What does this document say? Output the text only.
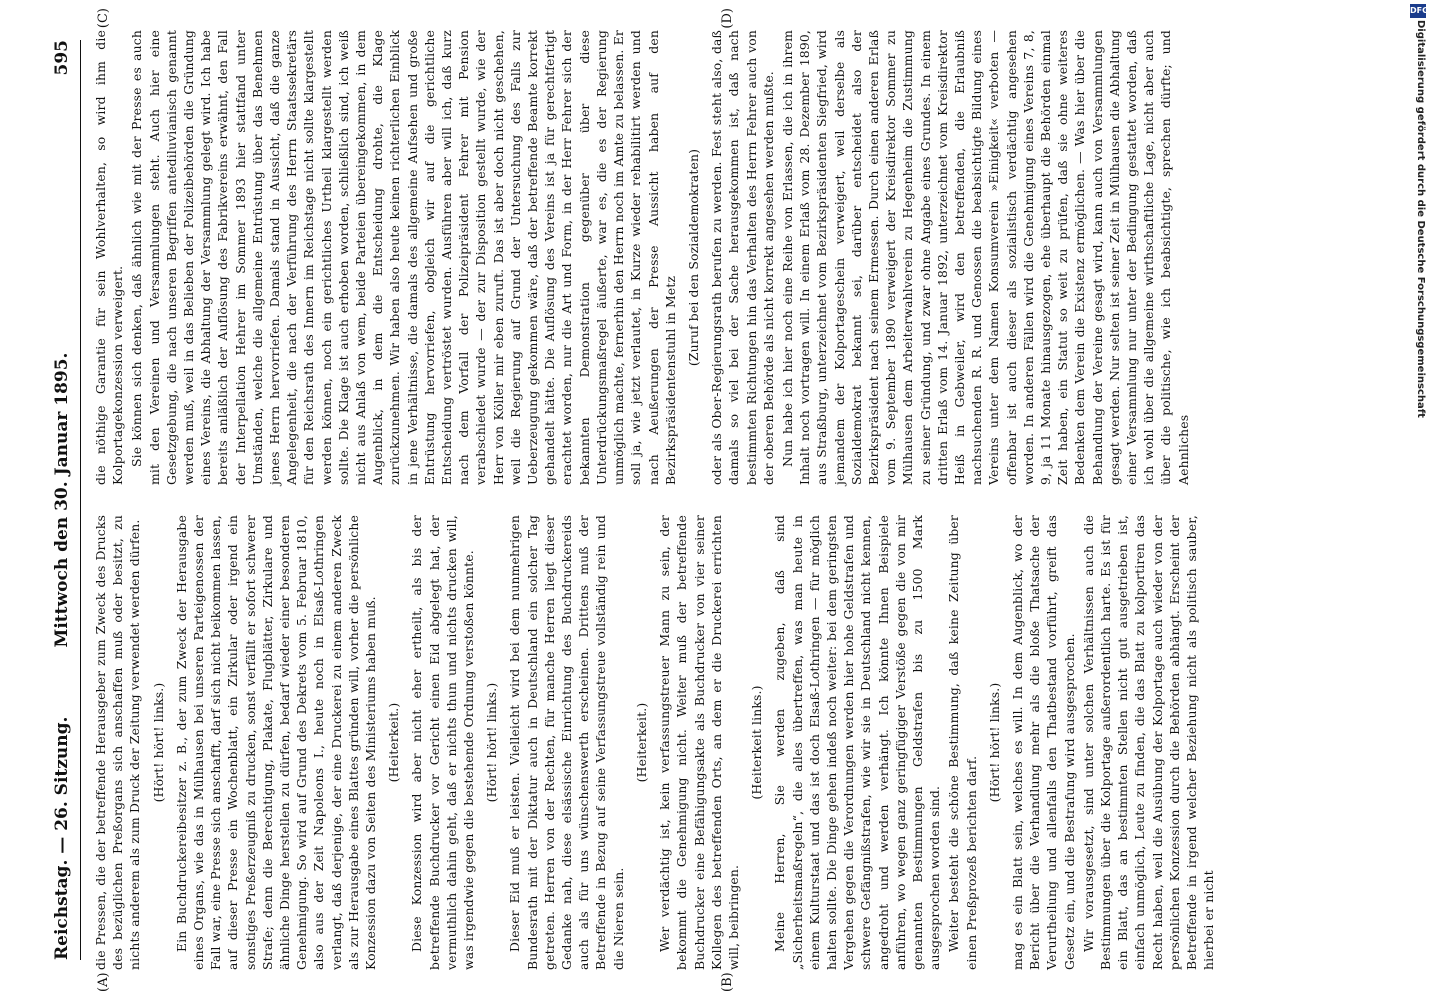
Reichstag. — 26. Sitzung.
Mittwoch den 30. Januar 1895.
595
(A)	(B)
(C)	(D)

die Pressen, die der betreffende Herausgeber zum Zweck des Drucks des bezüglichen Preßorgans sich anschaffen muß oder besitzt, zu nichts anderem als zum Druck der Zeitung verwendet werden dürfen. (Hört! hört! links.) Ein Buchdruckereibesitzer z. B., der zum Zweck der Herausgabe eines Organs, wie das in Mülhausen bei unseren Parteigenossen der Fall war, eine Presse sich anschafft, darf sich nicht beikommen lassen, auf dieser Presse ein Wochenblatt, ein Zirkular oder irgend ein sonstiges Preßerzeugniß zu drucken, sonst verfällt er sofort schwerer Strafe; denn die Berechtigung, Plakate, Flugblätter, Zirkulare und ähnliche Dinge herstellen zu dürfen, bedarf wieder einer besonderen Genehmigung. So wird auf Grund des Dekrets vom 5. Februar 1810, also aus der Zeit Napoleons I., heute noch in Elsaß-Lothringen verlangt, daß derjenige, der eine Druckerei zu einem anderen Zweck als zur Herausgabe eines Blattes gründen will, vorher die persönliche Konzession dazu von Seiten des Ministeriums haben muß. (Heiterkeit.) Diese Konzession wird aber nicht eher ertheilt, als bis der betreffende Buchdrucker vor Gericht einen Eid abgelegt hat, der vermuthlich dahin geht, daß er nichts thun und nichts drucken will, was irgendwie gegen die bestehende Ordnung verstoßen könnte. (Hört! hört! links.) Dieser Eid muß er leisten. Vielleicht wird bei dem nunmehrigen Bundesrath mit der Diktatur auch in Deutschland ein solcher Tag getreten. Herren von der Rechten, für manche Herren liegt dieser Gedanke nah, diese elsässische Einrichtung des Buchdruckereids auch als für uns wünschenswerth erscheinen. Drittens muß der Betreffende in Bezug auf seine Verfassungstreue vollständig rein und die Nieren sein.

(Heiterkeit.) Wer verdächtig ist, kein verfassungstreuer Mann zu sein, der bekommt die Genehmigung nicht. Weiter muß der betreffende Buchdrucker eine Befähigungsakte als Buchdrucker von vier seiner Kollegen des betreffenden Orts, an dem er die Druckerei errichten will, beibringen.

(Heiterkeit links.) Meine Herren, Sie werden zugeben, daß sind „Sicherheitsmaßregeln“, die alles übertreffen, was man heute in einem Kulturstaat und das ist doch Elsaß-Lothringen — für möglich halten sollte. Die Dinge gehen indeß noch weiter: bei dem geringsten Vergehen gegen die Verordnungen werden hier hohe Geldstrafen und schwere Gefängnißstrafen, wie wir sie in Deutschland nicht kennen, angedroht und werden verhängt. Ich könnte Ihnen Beispiele anführen, wo wegen ganz geringfügiger Verstöße gegen die von mir genannten Bestimmungen Geldstrafen bis zu 1500 Mark ausgesprochen worden sind. Weiter besteht die schöne Bestimmung, daß keine Zeitung über einen Preßprozeß berichten darf.

(Hört! hört! links.) mag es ein Blatt sein, welches es will. In dem Augenblick, wo der Bericht über die Verhandlung mehr als die bloße Thatsache der Verurtheilung und allenfalls den Thatbestand vorführt, greift das Gesetz ein, und die Bestrafung wird ausgesprochen. Wir vorausgesetzt, sind unter solchen Verhältnissen auch die Bestimmungen über die Kolportage außerordentlich harte. Es ist für ein Blatt, das an bestimmten Stellen nicht gut ausgetrieben ist, einfach unmöglich, Leute zu finden, die das Blatt zu kolportiren das Recht haben, weil die Ausübung der Kolportage auch wieder von der persönlichen Konzession durch die Behörden abhängt. Erscheint der Betreffende in irgend welcher Beziehung nicht als politisch sauber, hierbei er nicht

die nöthige Garantie für sein Wohlverhalten, so wird ihm die Kolportagekonzession verweigert. Sie können sich denken, daß ähnlich wie mit der Presse es auch mit den Vereinen und Versammlungen steht. Auch hier eine Gesetzgebung, die nach unseren Begriffen antediluvianisch genannt werden muß, weil in das Belieben der Polizeibehörden die Gründung eines Vereins, die Abhaltung der Versammlung gelegt wird. Ich habe bereits anläßlich der Auflösung des Fabrikvereins erwähnt, den Fall der Interpellation Hehrer im Sommer 1893 hier stattfand unter Umständen, welche die allgemeine Entrüstung über das Benehmen jenes Herrn hervorriefen. Damals stand in Aussicht, daß die ganze Angelegenheit, die nach der Verführung des Herrn Staatssekretärs für den Reichsrath des Innern im Reichstage nicht sollte klargestellt werden können, noch ein gerichtliches Urtheil klargestellt werden sollte. Die Klage ist auch erhoben worden, schließlich sind, ich weiß nicht aus Anlaß von wem, beide Parteien übereingekommen, in dem Augenblick, in dem die Entscheidung drohte, die Klage zurückzunehmen. Wir haben also heute keinen richterlichen Einblick in jene Verhältnisse, die damals des allgemeine Aufsehen und große Entrüstung hervorriefen, obgleich wir auf die gerichtliche Entscheidung vertröstet wurden. Ausführen aber will ich, daß kurz nach dem Vorfall der Polizeipräsident Fehrer mit Pension verabschiedet wurde — der zur Disposition gestellt wurde, wie der Herr von Köller mir eben zuruft. Das ist aber doch nicht geschehen, weil die Regierung auf Grund der Untersuchung des Falls zur Ueberzeugung gekommen wäre, daß der betreffende Beamte korrekt gehandelt hätte. Die Auflösung des Vereins ist ja für gerechtfertigt erachtet worden, nur die Art und Form, in der Herr Fehrer sich der bekannten Demonstration gegenüber über diese Unterdrückungsmaßregel äußerte, war es, die es der Regierung unmöglich machte, fernerhin den Herrn noch im Amte zu belassen. Er soll ja, wie jetzt verlautet, in Kurze wieder rehabilitirt werden und nach Aeußerungen der Presse Aussicht haben auf den Bezirkspräsidentenstuhl in Metz

(Zuruf bei den Sozialdemokraten) oder als Ober-Regierungsrath berufen zu werden. Fest steht also, daß damals so viel bei der Sache herausgekommen ist, daß nach bestimmten Richtungen hin das Verhalten des Herrn Fehrer auch von der oberen Behörde als nicht korrekt angesehen werden mußte. Nun habe ich hier noch eine Reihe von Erlassen, die ich in ihrem Inhalt noch vortragen will. In einem Erlaß vom 28. Dezember 1890, aus Straßburg, unterzeichnet vom Bezirkspräsidenten Siegfried, wird jemandem der Kolportageschein verweigert, weil derselbe als Sozialdemokrat bekannt sei, darüber entscheidet also der Bezirkspräsident nach seinem Ermessen. Durch einen anderen Erlaß vom 9. September 1890 verweigert der Kreisdirektor Sommer zu Mülhausen dem Arbeiterwahlverein zu Hegenheim die Zustimmung zu seiner Gründung, und zwar ohne Angabe eines Grundes. In einem dritten Erlaß vom 14. Januar 1892, unterzeichnet vom Kreisdirektor Heiß in Gebweiler, wird den betreffenden, die Erlaubniß nachsuchenden R. R. und Genossen die beabsichtigte Bildung eines Vereins unter dem Namen Konsumverein »Einigkeit« verboten — offenbar ist auch dieser als sozialistisch verdächtig angesehen worden. In anderen Fällen wird die Genehmigung eines Vereins 7, 8, 9, ja 11 Monate hinausgezogen, ehe überhaupt die Behörden einmal Zeit haben, ein Statut so weit zu prüfen, daß sie ohne weiteres Bedenken dem Verein die Existenz ermöglichen. — Was hier über die Behandlung der Vereine gesagt wird, kann auch von Versammlungen gesagt werden. Nur selten ist seiner Zeit in Mülhausen die Abhaltung einer Versammlung nur unter der Bedingung gestattet worden, daß ich wohl über die allgemeine wirthschaftliche Lage, nicht aber auch über die politische, wie ich beabsichtigte, sprechen dürfte; und Aehnliches

Digitalisierung gefördert durch die Deutsche Forschungsgemeinschaft
DFG
